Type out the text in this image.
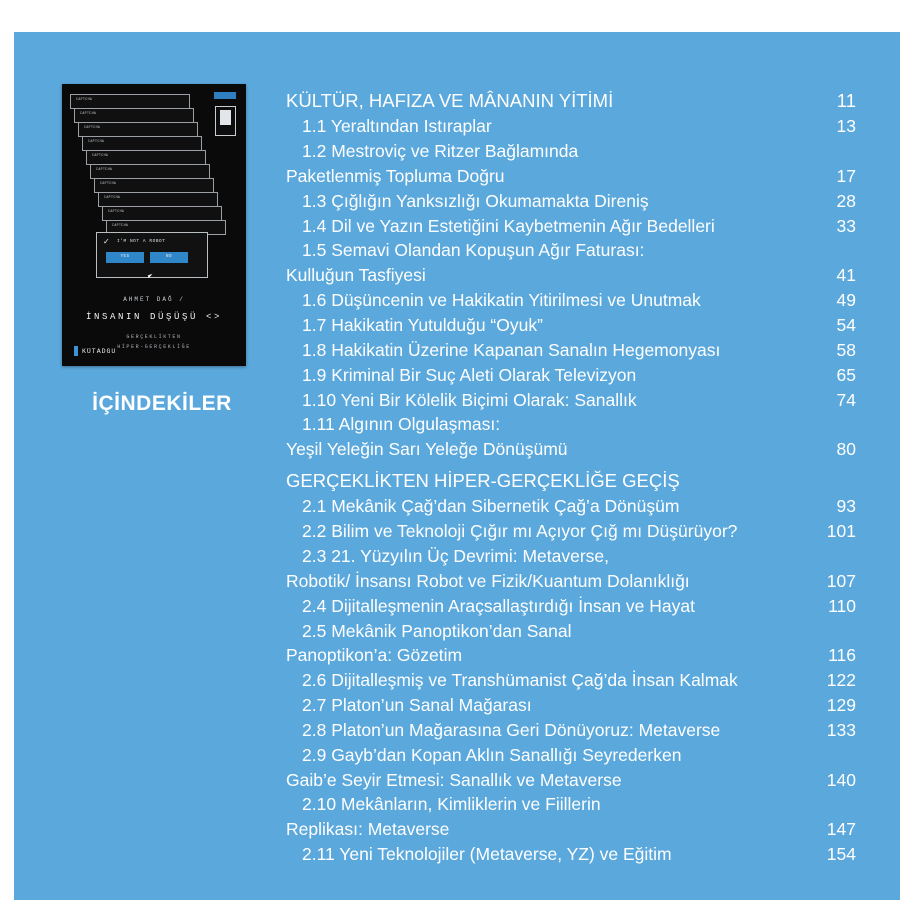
CAPTCHA
CAPTCHA
CAPTCHA
CAPTCHA
CAPTCHA
CAPTCHA
CAPTCHA
CAPTCHA
CAPTCHA
CAPTCHA
✓	I'M NOT A ROBOT
YES	NO
AHMET DAĞ /
İNSANIN DÜŞÜŞÜ <>
GERÇEKLİKTEN
HİPER-GERÇEKLİĞE
KÜTADGU
İÇİNDEKİLER
KÜLTÜR, HAFIZA VE MÂNANIN YİTİMİ	11
1.1 Yeraltından Istıraplar	13
1.2 Mestroviç ve Ritzer Bağlamında
Paketlenmiş Topluma Doğru	17
1.3 Çığlığın Yanksızlığı Okumamakta Direniş	28
1.4 Dil ve Yazın Estetiğini Kaybetmenin Ağır Bedelleri	33
1.5 Semavi Olandan Kopuşun Ağır Faturası:
Kulluğun Tasfiyesi	41
1.6 Düşüncenin ve Hakikatin Yitirilmesi ve Unutmak	49
1.7 Hakikatin Yutulduğu “Oyuk”	54
1.8 Hakikatin Üzerine Kapanan Sanalın Hegemonyası	58
1.9 Kriminal Bir Suç Aleti Olarak Televizyon	65
1.10 Yeni Bir Kölelik Biçimi Olarak: Sanallık	74
1.11 Algının Olgulaşması:
Yeşil Yeleğin Sarı Yeleğe Dönüşümü	80
GERÇEKLİKTEN HİPER-GERÇEKLİĞE GEÇİŞ
2.1 Mekânik Çağ’dan Sibernetik Çağ’a Dönüşüm	93
2.2 Bilim ve Teknoloji Çığır mı Açıyor Çığ mı Düşürüyor?	101
2.3 21. Yüzyılın Üç Devrimi: Metaverse,
Robotik/ İnsansı Robot ve Fizik/Kuantum Dolanıklığı	107
2.4 Dijitalleşmenin Araçsallaştırdığı İnsan ve Hayat	110
2.5 Mekânik Panoptikon’dan Sanal
Panoptikon’a: Gözetim	116
2.6 Dijitalleşmiş ve Transhümanist Çağ’da İnsan Kalmak	122
2.7 Platon’un Sanal Mağarası	129
2.8 Platon’un Mağarasına Geri Dönüyoruz: Metaverse	133
2.9 Gayb’dan Kopan Aklın Sanallığı Seyrederken
Gaib’e Seyir Etmesi: Sanallık ve Metaverse	140
2.10 Mekânların, Kimliklerin ve Fiillerin
Replikası: Metaverse	147
2.11 Yeni Teknolojiler (Metaverse, YZ) ve Eğitim	154
